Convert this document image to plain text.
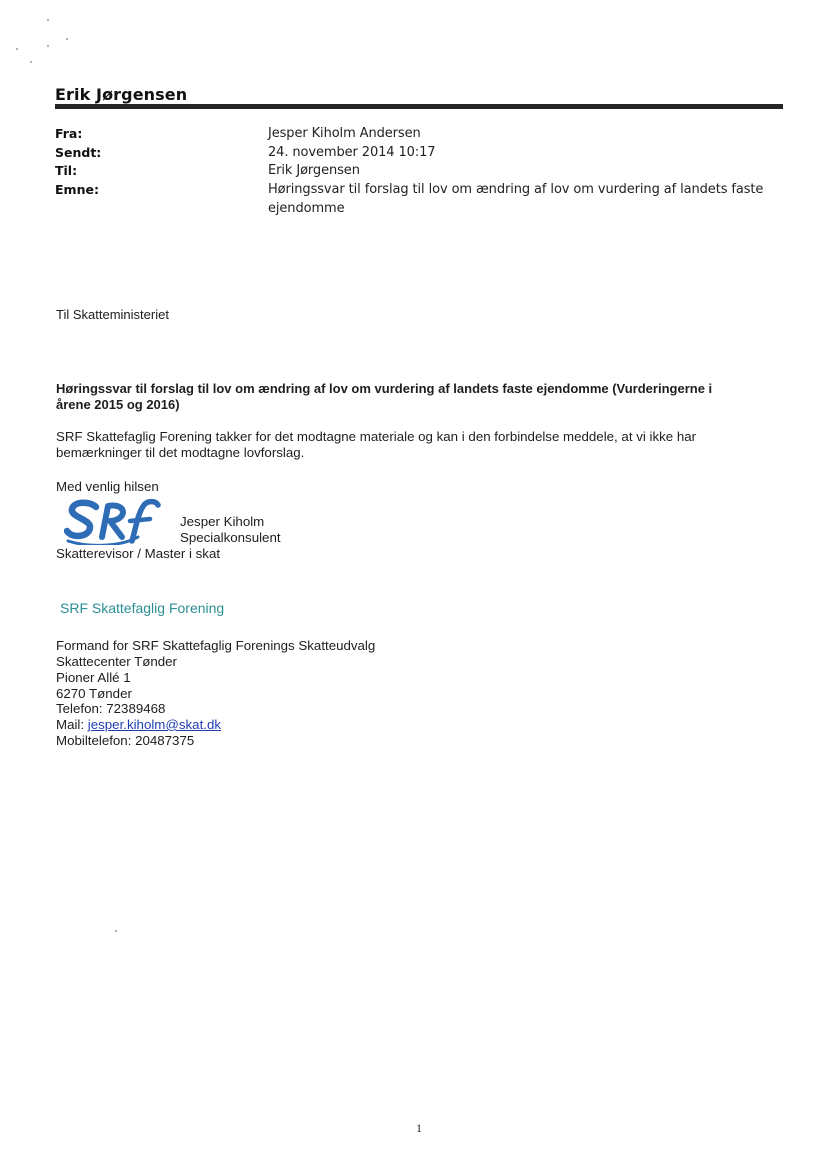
Erik Jørgensen
Fra:	Jesper Kiholm Andersen
Sendt:	24. november 2014 10:17
Til:	Erik Jørgensen
Emne:	Høringssvar til forslag til lov om ændring af lov om vurdering af landets faste
ejendomme
Til Skatteministeriet
Høringssvar til forslag til lov om ændring af lov om vurdering af landets faste ejendomme (Vurderingerne i
årene 2015 og 2016)
SRF Skattefaglig Forening takker for det modtagne materiale og kan i den forbindelse meddele, at vi ikke har
bemærkninger til det modtagne lovforslag.
Med venlig hilsen
Jesper Kiholm
Specialkonsulent
Skatterevisor / Master i skat
SRF Skattefaglig Forening
Formand for SRF Skattefaglig Forenings Skatteudvalg
Skattecenter Tønder
Pioner Allé 1
6270 Tønder
Telefon: 72389468
Mail: jesper.kiholm@skat.dk
Mobiltelefon: 20487375
1
